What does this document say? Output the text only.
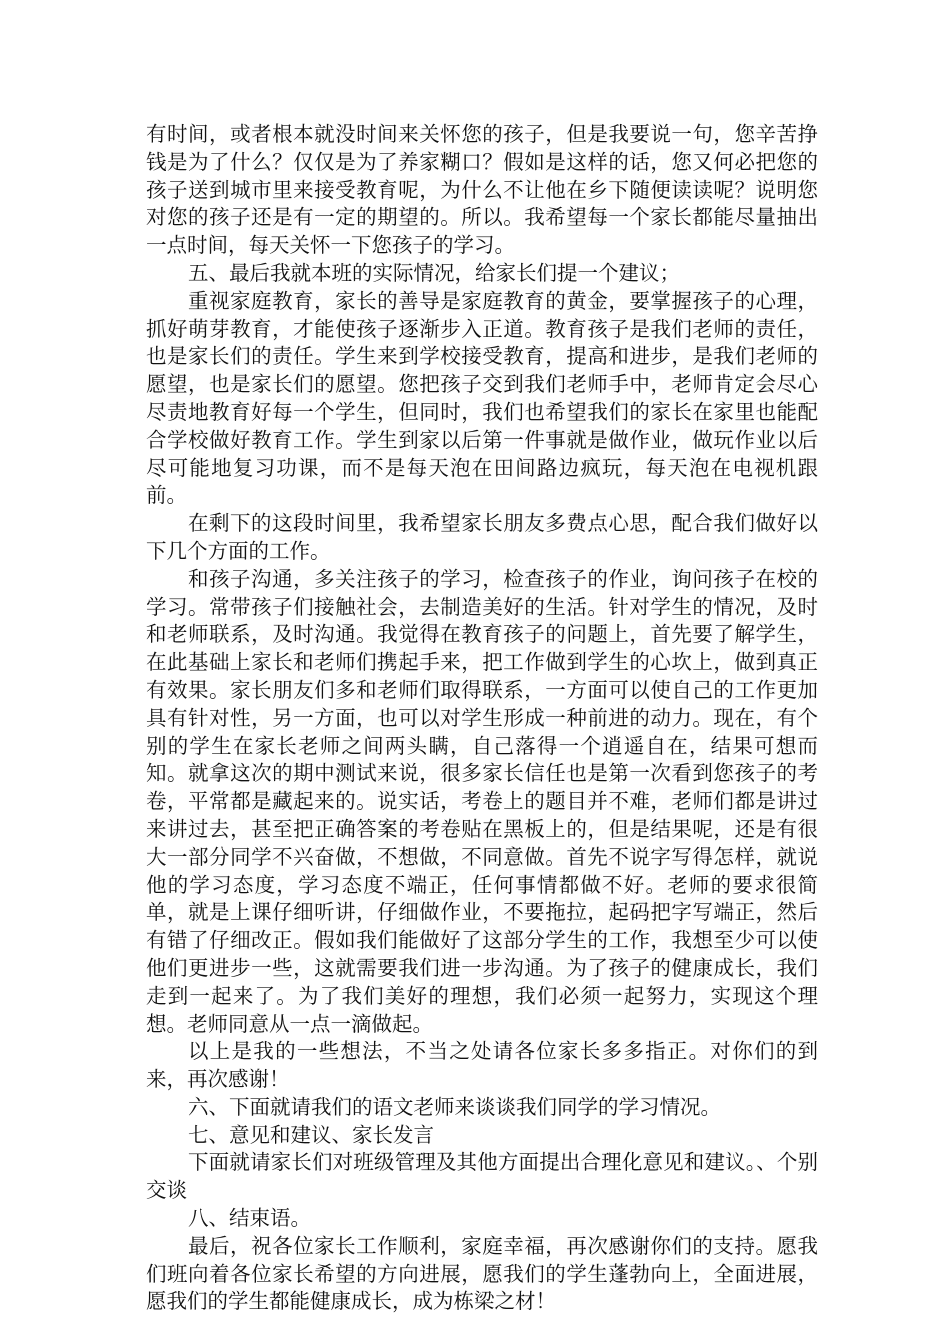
有时间，或者根本就没时间来关怀您的孩子，但是我要说一句，您辛苦挣钱是为了什么？仅仅是为了养家糊口？假如是这样的话，您又何必把您的孩子送到城市里来接受教育呢，为什么不让他在乡下随便读读呢？说明您对您的孩子还是有一定的期望的。所以。我希望每一个家长都能尽量抽出一点时间，每天关怀一下您孩子的学习。

五、最后我就本班的实际情况，给家长们提一个建议；

重视家庭教育，家长的善导是家庭教育的黄金，要掌握孩子的心理，抓好萌芽教育，才能使孩子逐渐步入正道。教育孩子是我们老师的责任，也是家长们的责任。学生来到学校接受教育，提高和进步，是我们老师的愿望，也是家长们的愿望。您把孩子交到我们老师手中，老师肯定会尽心尽责地教育好每一个学生，但同时，我们也希望我们的家长在家里也能配合学校做好教育工作。学生到家以后第一件事就是做作业，做玩作业以后尽可能地复习功课，而不是每天泡在田间路边疯玩，每天泡在电视机跟前。

在剩下的这段时间里，我希望家长朋友多费点心思，配合我们做好以下几个方面的工作。

和孩子沟通，多关注孩子的学习，检查孩子的作业，询问孩子在校的学习。常带孩子们接触社会，去制造美好的生活。针对学生的情况，及时和老师联系，及时沟通。我觉得在教育孩子的问题上，首先要了解学生，在此基础上家长和老师们携起手来，把工作做到学生的心坎上，做到真正有效果。家长朋友们多和老师们取得联系，一方面可以使自己的工作更加具有针对性，另一方面，也可以对学生形成一种前进的动力。现在，有个别的学生在家长老师之间两头瞒，自己落得一个逍遥自在，结果可想而知。就拿这次的期中测试来说，很多家长信任也是第一次看到您孩子的考卷，平常都是藏起来的。说实话，考卷上的题目并不难，老师们都是讲过来讲过去，甚至把正确答案的考卷贴在黑板上的，但是结果呢，还是有很大一部分同学不兴奋做，不想做，不同意做。首先不说字写得怎样，就说他的学习态度，学习态度不端正，任何事情都做不好。老师的要求很简单，就是上课仔细听讲，仔细做作业，不要拖拉，起码把字写端正，然后有错了仔细改正。假如我们能做好了这部分学生的工作，我想至少可以使他们更进步一些，这就需要我们进一步沟通。为了孩子的健康成长，我们走到一起来了。为了我们美好的理想，我们必须一起努力，实现这个理想。老师同意从一点一滴做起。

以上是我的一些想法，不当之处请各位家长多多指正。对你们的到来，再次感谢！

六、下面就请我们的语文老师来谈谈我们同学的学习情况。

七、意见和建议、家长发言

下面就请家长们对班级管理及其他方面提出合理化意见和建议。、个别交谈

八、结束语。

最后，祝各位家长工作顺利，家庭幸福，再次感谢你们的支持。愿我们班向着各位家长希望的方向进展，愿我们的学生蓬勃向上，全面进展，愿我们的学生都能健康成长，成为栋梁之材！
